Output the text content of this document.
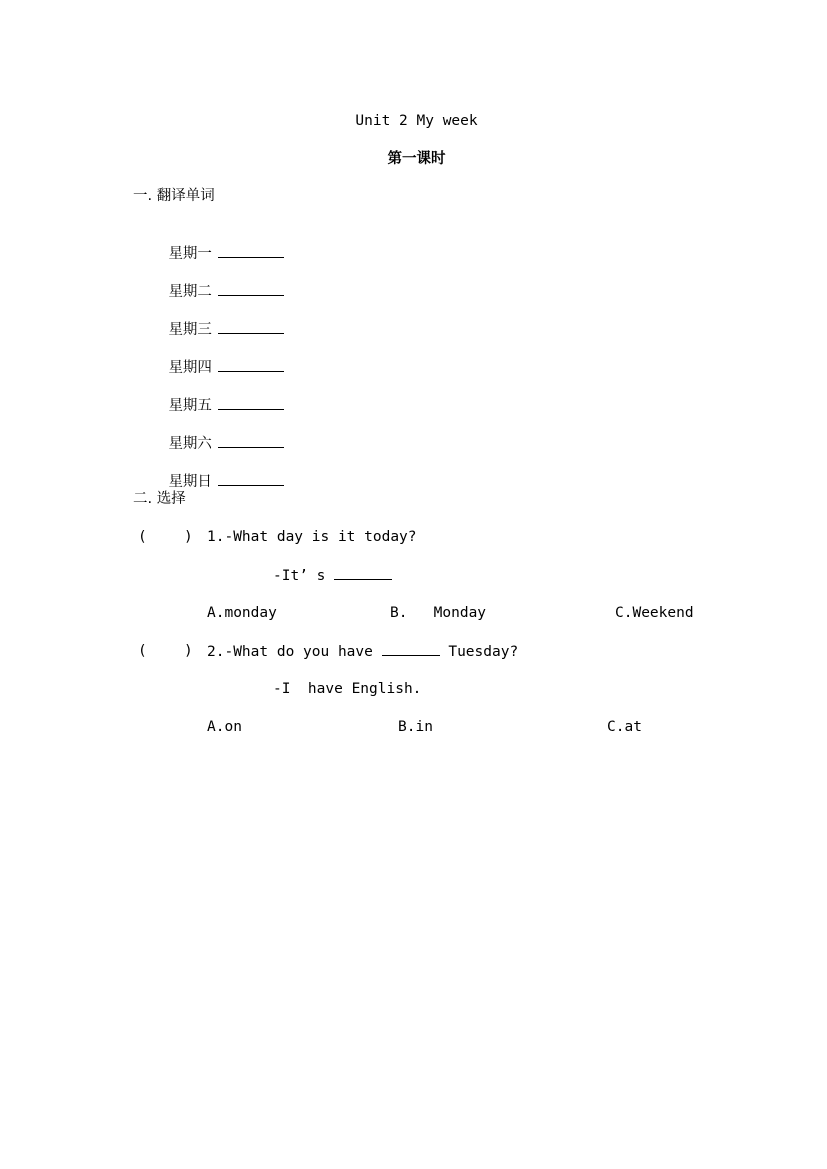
Unit 2 My week
第一课时
一. 翻译单词

星期一

星期二

星期三

星期四

星期五

星期六

星期日

二. 选择
(	) 1.-What day is it today?
-It’ s
A.monday	B.   Monday	C.Weekend
(	) 2.-What do you have	Tuesday?
-I  have English.
A.on	B.in	C.at
